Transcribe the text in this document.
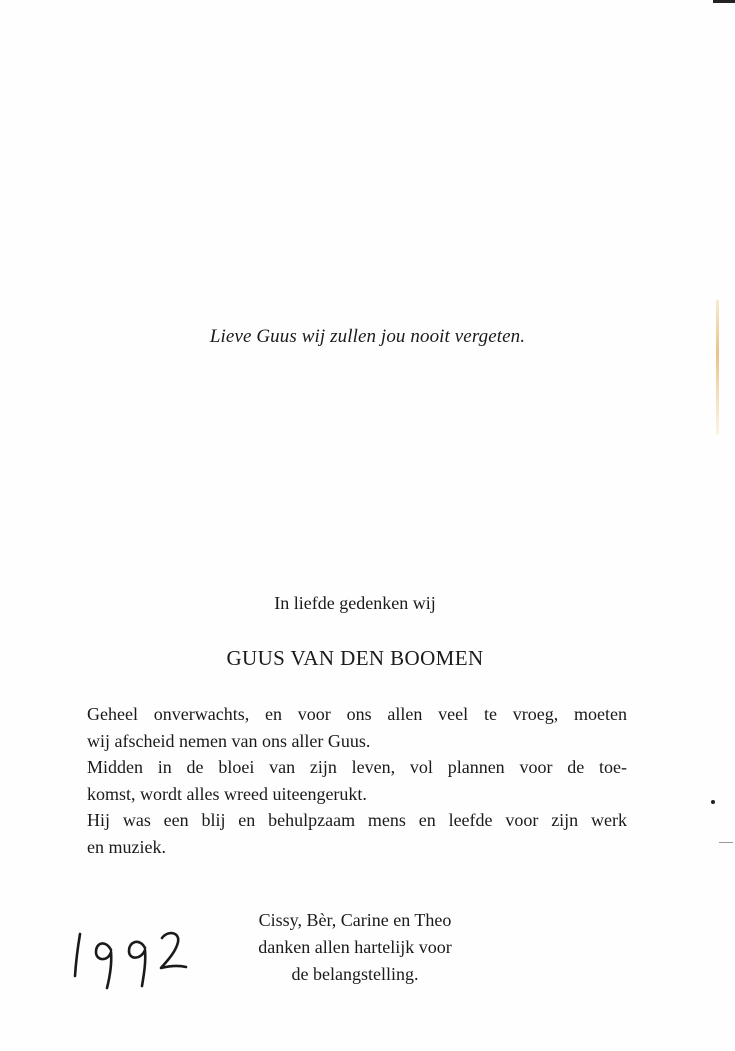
Lieve Guus wij zullen jou nooit vergeten.
In liefde gedenken wij
GUUS VAN DEN BOOMEN

Geheel onverwachts, en voor ons allen veel te vroeg, moeten

wij afscheid nemen van ons aller Guus.

Midden in de bloei van zijn leven, vol plannen voor de toe-

komst, wordt alles wreed uiteengerukt.

Hij was een blij en behulpzaam mens en leefde voor zijn werk

en muziek.

Cissy, Bèr, Carine en Theo
danken allen hartelijk voor
de belangstelling.
